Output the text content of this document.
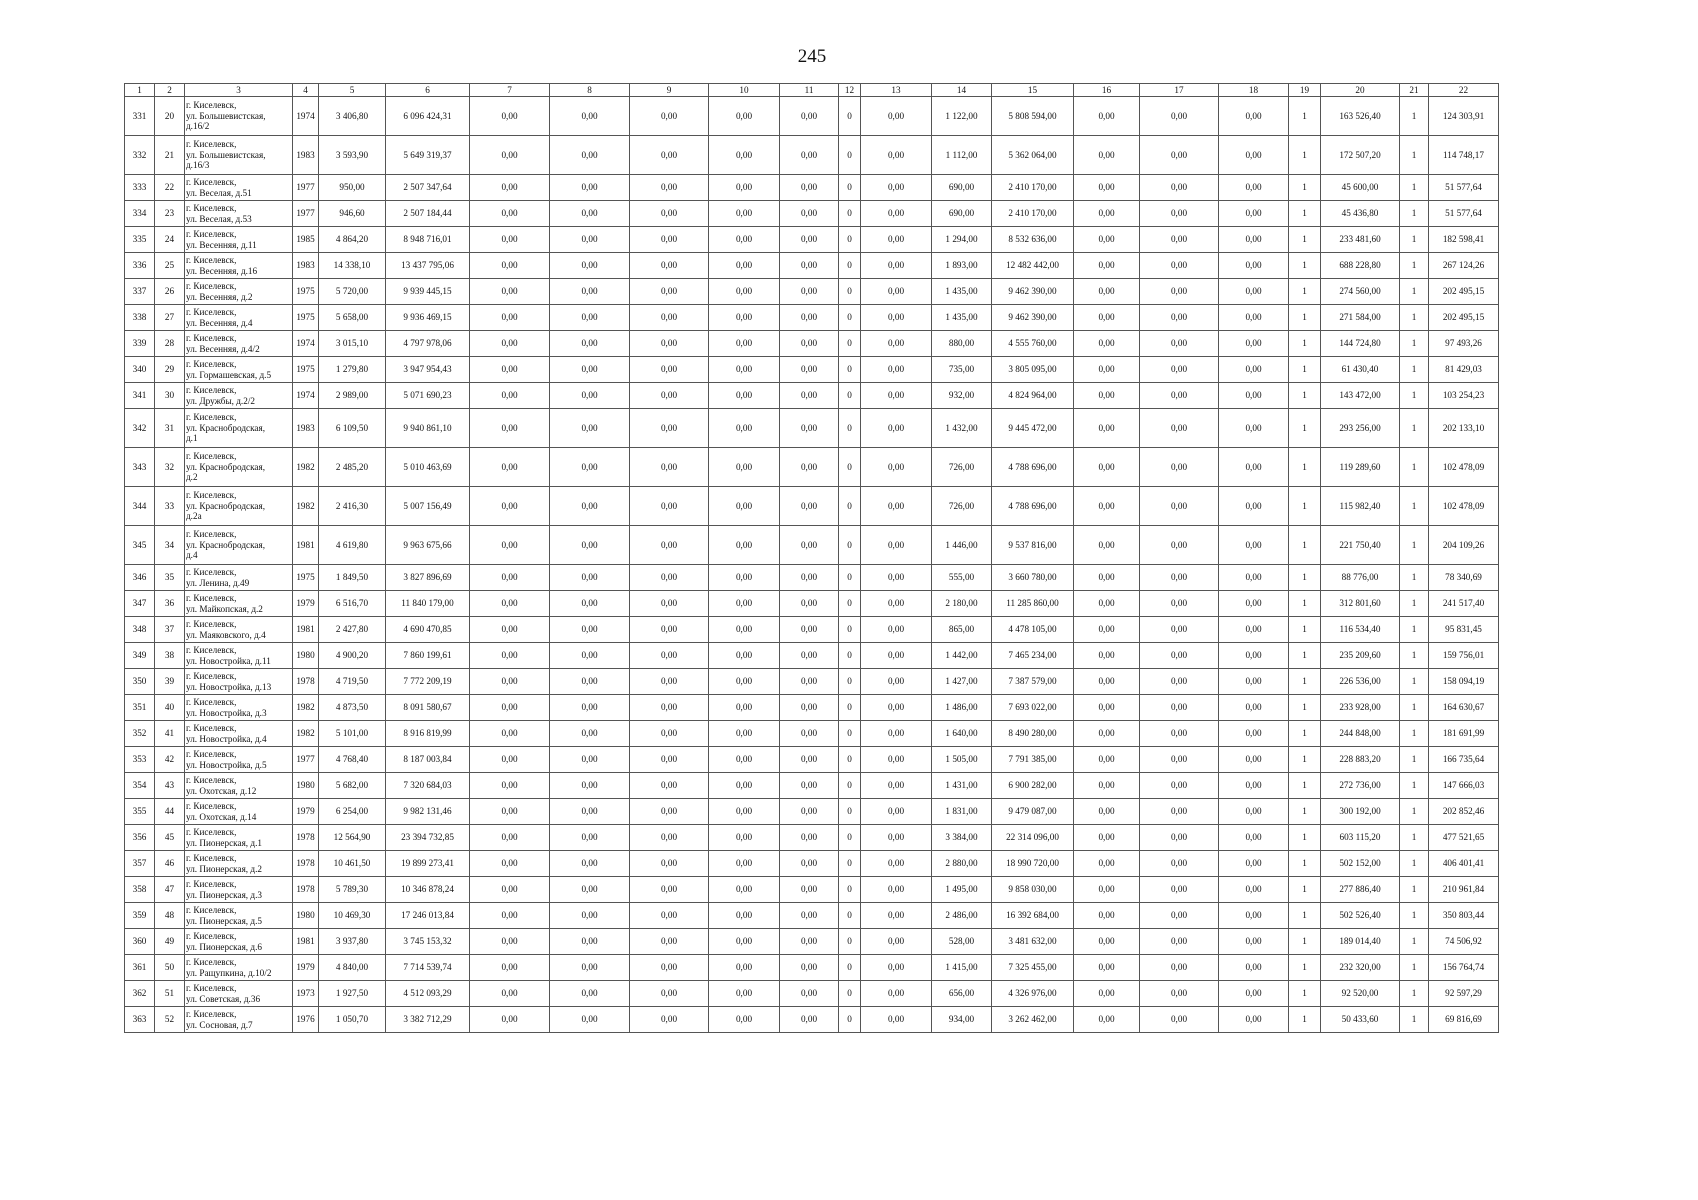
245
1	2	3	4	5	6	7	8	9	10	11	12	13	14	15	16	17	18	19	20	21	22
331	20	г. Киселевск,
ул. Большевистская,
д.16/2	1974	3 406,80	6 096 424,31	0,00	0,00	0,00	0,00	0,00	0	0,00	1 122,00	5 808 594,00	0,00	0,00	0,00	1	163 526,40	1	124 303,91
332	21	г. Киселевск,
ул. Большевистская,
д.16/3	1983	3 593,90	5 649 319,37	0,00	0,00	0,00	0,00	0,00	0	0,00	1 112,00	5 362 064,00	0,00	0,00	0,00	1	172 507,20	1	114 748,17
333	22	г. Киселевск,
ул. Веселая, д.51	1977	950,00	2 507 347,64	0,00	0,00	0,00	0,00	0,00	0	0,00	690,00	2 410 170,00	0,00	0,00	0,00	1	45 600,00	1	51 577,64
334	23	г. Киселевск,
ул. Веселая, д.53	1977	946,60	2 507 184,44	0,00	0,00	0,00	0,00	0,00	0	0,00	690,00	2 410 170,00	0,00	0,00	0,00	1	45 436,80	1	51 577,64
335	24	г. Киселевск,
ул. Весенняя, д.11	1985	4 864,20	8 948 716,01	0,00	0,00	0,00	0,00	0,00	0	0,00	1 294,00	8 532 636,00	0,00	0,00	0,00	1	233 481,60	1	182 598,41
336	25	г. Киселевск,
ул. Весенняя, д.16	1983	14 338,10	13 437 795,06	0,00	0,00	0,00	0,00	0,00	0	0,00	1 893,00	12 482 442,00	0,00	0,00	0,00	1	688 228,80	1	267 124,26
337	26	г. Киселевск,
ул. Весенняя, д.2	1975	5 720,00	9 939 445,15	0,00	0,00	0,00	0,00	0,00	0	0,00	1 435,00	9 462 390,00	0,00	0,00	0,00	1	274 560,00	1	202 495,15
338	27	г. Киселевск,
ул. Весенняя, д.4	1975	5 658,00	9 936 469,15	0,00	0,00	0,00	0,00	0,00	0	0,00	1 435,00	9 462 390,00	0,00	0,00	0,00	1	271 584,00	1	202 495,15
339	28	г. Киселевск,
ул. Весенняя, д.4/2	1974	3 015,10	4 797 978,06	0,00	0,00	0,00	0,00	0,00	0	0,00	880,00	4 555 760,00	0,00	0,00	0,00	1	144 724,80	1	97 493,26
340	29	г. Киселевск,
ул. Гормашевская, д.5	1975	1 279,80	3 947 954,43	0,00	0,00	0,00	0,00	0,00	0	0,00	735,00	3 805 095,00	0,00	0,00	0,00	1	61 430,40	1	81 429,03
341	30	г. Киселевск,
ул. Дружбы, д.2/2	1974	2 989,00	5 071 690,23	0,00	0,00	0,00	0,00	0,00	0	0,00	932,00	4 824 964,00	0,00	0,00	0,00	1	143 472,00	1	103 254,23
342	31	г. Киселевск,
ул. Краснобродская,
д.1	1983	6 109,50	9 940 861,10	0,00	0,00	0,00	0,00	0,00	0	0,00	1 432,00	9 445 472,00	0,00	0,00	0,00	1	293 256,00	1	202 133,10
343	32	г. Киселевск,
ул. Краснобродская,
д.2	1982	2 485,20	5 010 463,69	0,00	0,00	0,00	0,00	0,00	0	0,00	726,00	4 788 696,00	0,00	0,00	0,00	1	119 289,60	1	102 478,09
344	33	г. Киселевск,
ул. Краснобродская,
д.2а	1982	2 416,30	5 007 156,49	0,00	0,00	0,00	0,00	0,00	0	0,00	726,00	4 788 696,00	0,00	0,00	0,00	1	115 982,40	1	102 478,09
345	34	г. Киселевск,
ул. Краснобродская,
д.4	1981	4 619,80	9 963 675,66	0,00	0,00	0,00	0,00	0,00	0	0,00	1 446,00	9 537 816,00	0,00	0,00	0,00	1	221 750,40	1	204 109,26
346	35	г. Киселевск,
ул. Ленина, д.49	1975	1 849,50	3 827 896,69	0,00	0,00	0,00	0,00	0,00	0	0,00	555,00	3 660 780,00	0,00	0,00	0,00	1	88 776,00	1	78 340,69
347	36	г. Киселевск,
ул. Майкопская, д.2	1979	6 516,70	11 840 179,00	0,00	0,00	0,00	0,00	0,00	0	0,00	2 180,00	11 285 860,00	0,00	0,00	0,00	1	312 801,60	1	241 517,40
348	37	г. Киселевск,
ул. Маяковского, д.4	1981	2 427,80	4 690 470,85	0,00	0,00	0,00	0,00	0,00	0	0,00	865,00	4 478 105,00	0,00	0,00	0,00	1	116 534,40	1	95 831,45
349	38	г. Киселевск,
ул. Новостройка, д.11	1980	4 900,20	7 860 199,61	0,00	0,00	0,00	0,00	0,00	0	0,00	1 442,00	7 465 234,00	0,00	0,00	0,00	1	235 209,60	1	159 756,01
350	39	г. Киселевск,
ул. Новостройка, д.13	1978	4 719,50	7 772 209,19	0,00	0,00	0,00	0,00	0,00	0	0,00	1 427,00	7 387 579,00	0,00	0,00	0,00	1	226 536,00	1	158 094,19
351	40	г. Киселевск,
ул. Новостройка, д.3	1982	4 873,50	8 091 580,67	0,00	0,00	0,00	0,00	0,00	0	0,00	1 486,00	7 693 022,00	0,00	0,00	0,00	1	233 928,00	1	164 630,67
352	41	г. Киселевск,
ул. Новостройка, д.4	1982	5 101,00	8 916 819,99	0,00	0,00	0,00	0,00	0,00	0	0,00	1 640,00	8 490 280,00	0,00	0,00	0,00	1	244 848,00	1	181 691,99
353	42	г. Киселевск,
ул. Новостройка, д.5	1977	4 768,40	8 187 003,84	0,00	0,00	0,00	0,00	0,00	0	0,00	1 505,00	7 791 385,00	0,00	0,00	0,00	1	228 883,20	1	166 735,64
354	43	г. Киселевск,
ул. Охотская, д.12	1980	5 682,00	7 320 684,03	0,00	0,00	0,00	0,00	0,00	0	0,00	1 431,00	6 900 282,00	0,00	0,00	0,00	1	272 736,00	1	147 666,03
355	44	г. Киселевск,
ул. Охотская, д.14	1979	6 254,00	9 982 131,46	0,00	0,00	0,00	0,00	0,00	0	0,00	1 831,00	9 479 087,00	0,00	0,00	0,00	1	300 192,00	1	202 852,46
356	45	г. Киселевск,
ул. Пионерская, д.1	1978	12 564,90	23 394 732,85	0,00	0,00	0,00	0,00	0,00	0	0,00	3 384,00	22 314 096,00	0,00	0,00	0,00	1	603 115,20	1	477 521,65
357	46	г. Киселевск,
ул. Пионерская, д.2	1978	10 461,50	19 899 273,41	0,00	0,00	0,00	0,00	0,00	0	0,00	2 880,00	18 990 720,00	0,00	0,00	0,00	1	502 152,00	1	406 401,41
358	47	г. Киселевск,
ул. Пионерская, д.3	1978	5 789,30	10 346 878,24	0,00	0,00	0,00	0,00	0,00	0	0,00	1 495,00	9 858 030,00	0,00	0,00	0,00	1	277 886,40	1	210 961,84
359	48	г. Киселевск,
ул. Пионерская, д.5	1980	10 469,30	17 246 013,84	0,00	0,00	0,00	0,00	0,00	0	0,00	2 486,00	16 392 684,00	0,00	0,00	0,00	1	502 526,40	1	350 803,44
360	49	г. Киселевск,
ул. Пионерская, д.6	1981	3 937,80	3 745 153,32	0,00	0,00	0,00	0,00	0,00	0	0,00	528,00	3 481 632,00	0,00	0,00	0,00	1	189 014,40	1	74 506,92
361	50	г. Киселевск,
ул. Ращупкина, д.10/2	1979	4 840,00	7 714 539,74	0,00	0,00	0,00	0,00	0,00	0	0,00	1 415,00	7 325 455,00	0,00	0,00	0,00	1	232 320,00	1	156 764,74
362	51	г. Киселевск,
ул. Советская, д.36	1973	1 927,50	4 512 093,29	0,00	0,00	0,00	0,00	0,00	0	0,00	656,00	4 326 976,00	0,00	0,00	0,00	1	92 520,00	1	92 597,29
363	52	г. Киселевск,
ул. Сосновая, д.7	1976	1 050,70	3 382 712,29	0,00	0,00	0,00	0,00	0,00	0	0,00	934,00	3 262 462,00	0,00	0,00	0,00	1	50 433,60	1	69 816,69
